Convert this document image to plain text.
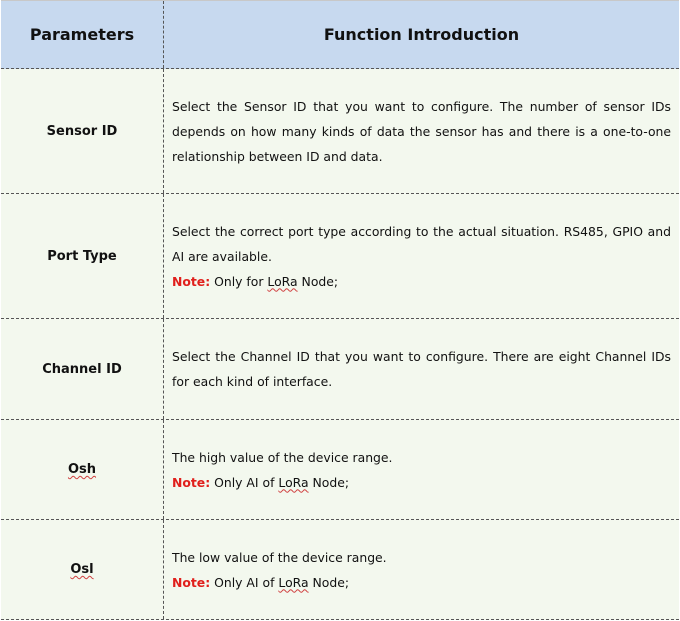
Parameters	Function Introduction
Sensor ID
Select the Sensor ID that you want to configure. The number of sensor IDs depends on how many kinds of data the sensor has and there is a one-to-one relationship between ID and data.
Port Type
Select the correct port type according to the actual situation. RS485, GPIO and AI are available.
Note: Only for LoRa Node;
Channel ID
Select the Channel ID that you want to configure. There are eight Channel IDs for each kind of interface.
Osh
The high value of the device range.
Note: Only AI of LoRa Node;
Osl
The low value of the device range.
Note: Only AI of LoRa Node;
